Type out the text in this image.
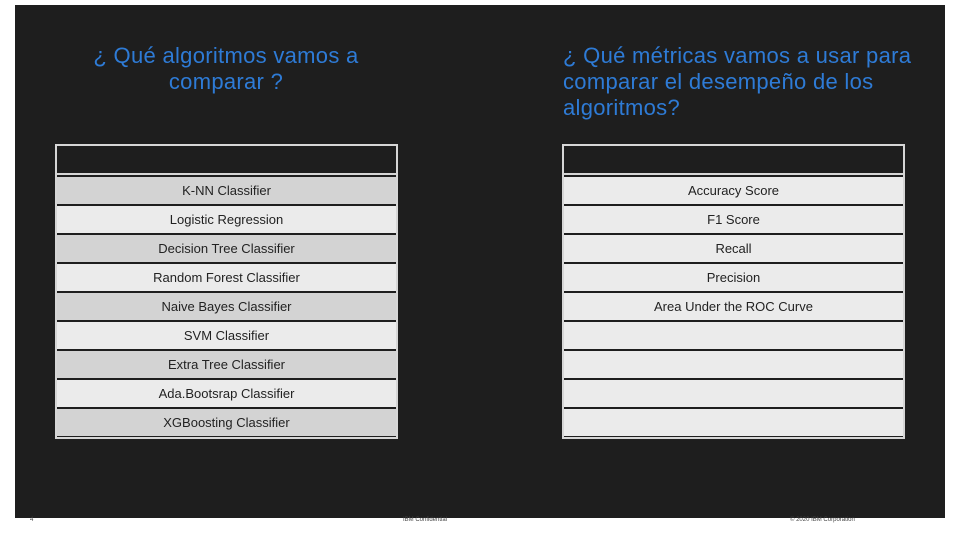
¿ Qué algoritmos vamos a comparar ?
¿ Qué métricas vamos a usar para comparar el desempeño de los algoritmos?
K-NN Classifier
Logistic Regression
Decision Tree Classifier
Random Forest Classifier
Naive Bayes Classifier
SVM Classifier
Extra Tree Classifier
Ada.Bootsrap Classifier
XGBoosting Classifier
Accuracy Score
F1 Score
Recall
Precision
Area Under the ROC Curve
4	IBM Confidential	© 2020 IBM Corporation
